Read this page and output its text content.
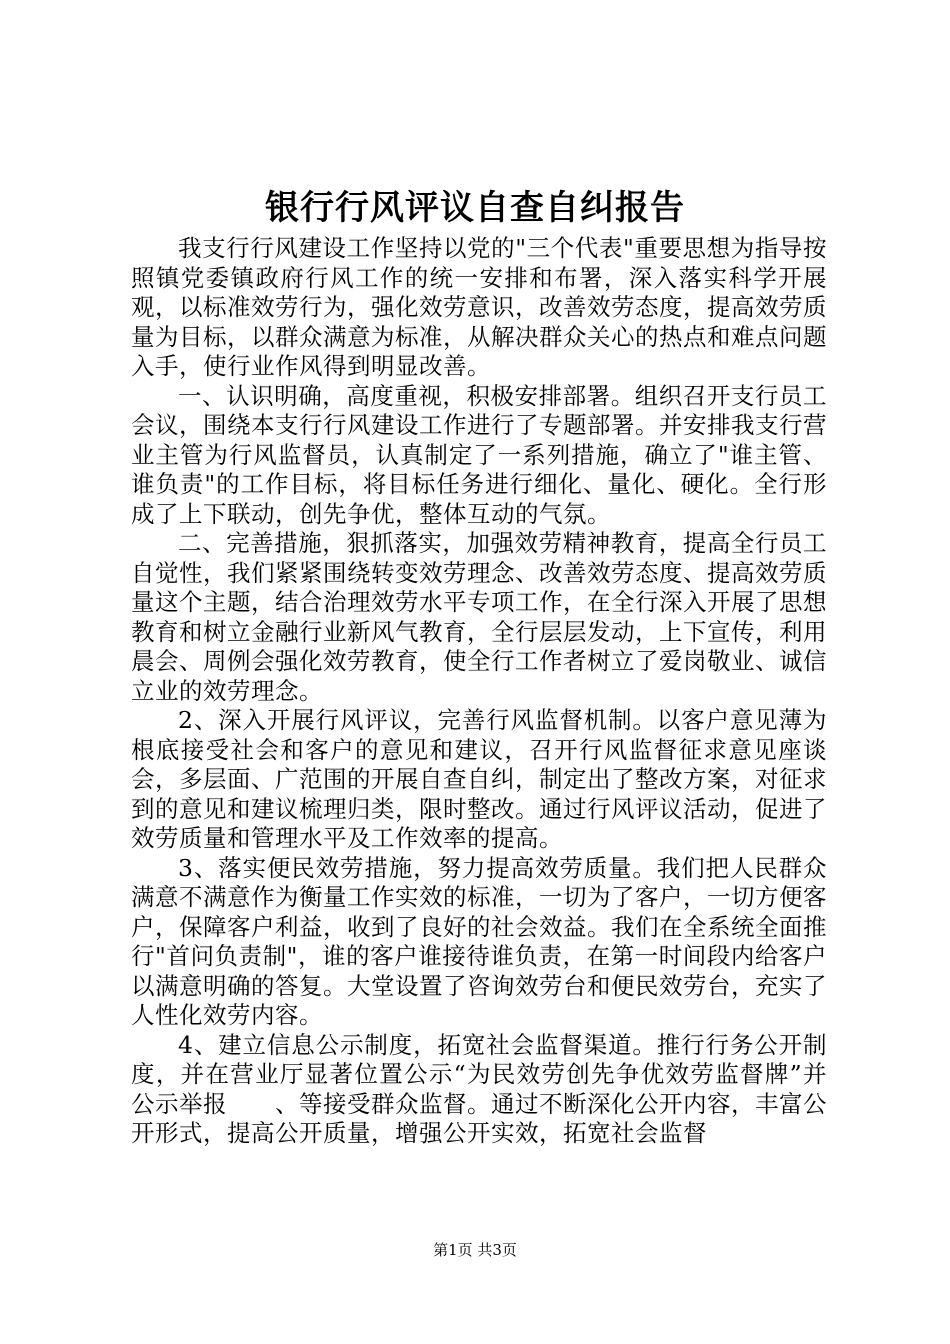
银行行风评议自查自纠报告

我支行行风建设工作坚持以党的"三个代表"重要思想为指导按照镇党委镇政府行风工作的统一安排和布署，深入落实科学开展观，以标准效劳行为，强化效劳意识，改善效劳态度，提高效劳质量为目标，以群众满意为标准，从解决群众关心的热点和难点问题入手，使行业作风得到明显改善。

一、认识明确，高度重视，积极安排部署。组织召开支行员工会议，围绕本支行行风建设工作进行了专题部署。并安排我支行营业主管为行风监督员，认真制定了一系列措施，确立了"谁主管、谁负责"的工作目标，将目标任务进行细化、量化、硬化。全行形成了上下联动，创先争优，整体互动的气氛。

二、完善措施，狠抓落实，加强效劳精神教育，提高全行员工自觉性，我们紧紧围绕转变效劳理念、改善效劳态度、提高效劳质量这个主题，结合治理效劳水平专项工作，在全行深入开展了思想教育和树立金融行业新风气教育，全行层层发动，上下宣传，利用晨会、周例会强化效劳教育，使全行工作者树立了爱岗敬业、诚信立业的效劳理念。

2、深入开展行风评议，完善行风监督机制。以客户意见薄为根底接受社会和客户的意见和建议，召开行风监督征求意见座谈会，多层面、广范围的开展自查自纠，制定出了整改方案，对征求到的意见和建议梳理归类，限时整改。通过行风评议活动，促进了效劳质量和管理水平及工作效率的提高。

3、落实便民效劳措施，努力提高效劳质量。我们把人民群众满意不满意作为衡量工作实效的标准，一切为了客户，一切方便客户，保障客户利益，收到了良好的社会效益。我们在全系统全面推行"首问负责制"，谁的客户谁接待谁负责，在第一时间段内给客户以满意明确的答复。大堂设置了咨询效劳台和便民效劳台，充实了人性化效劳内容。

4、建立信息公示制度，拓宽社会监督渠道。推行行务公开制度，并在营业厅显著位置公示“为民效劳创先争优效劳监督牌”并公示举报　　、等接受群众监督。通过不断深化公开内容，丰富公开形式，提高公开质量，增强公开实效，拓宽社会监督

第1页 共3页
